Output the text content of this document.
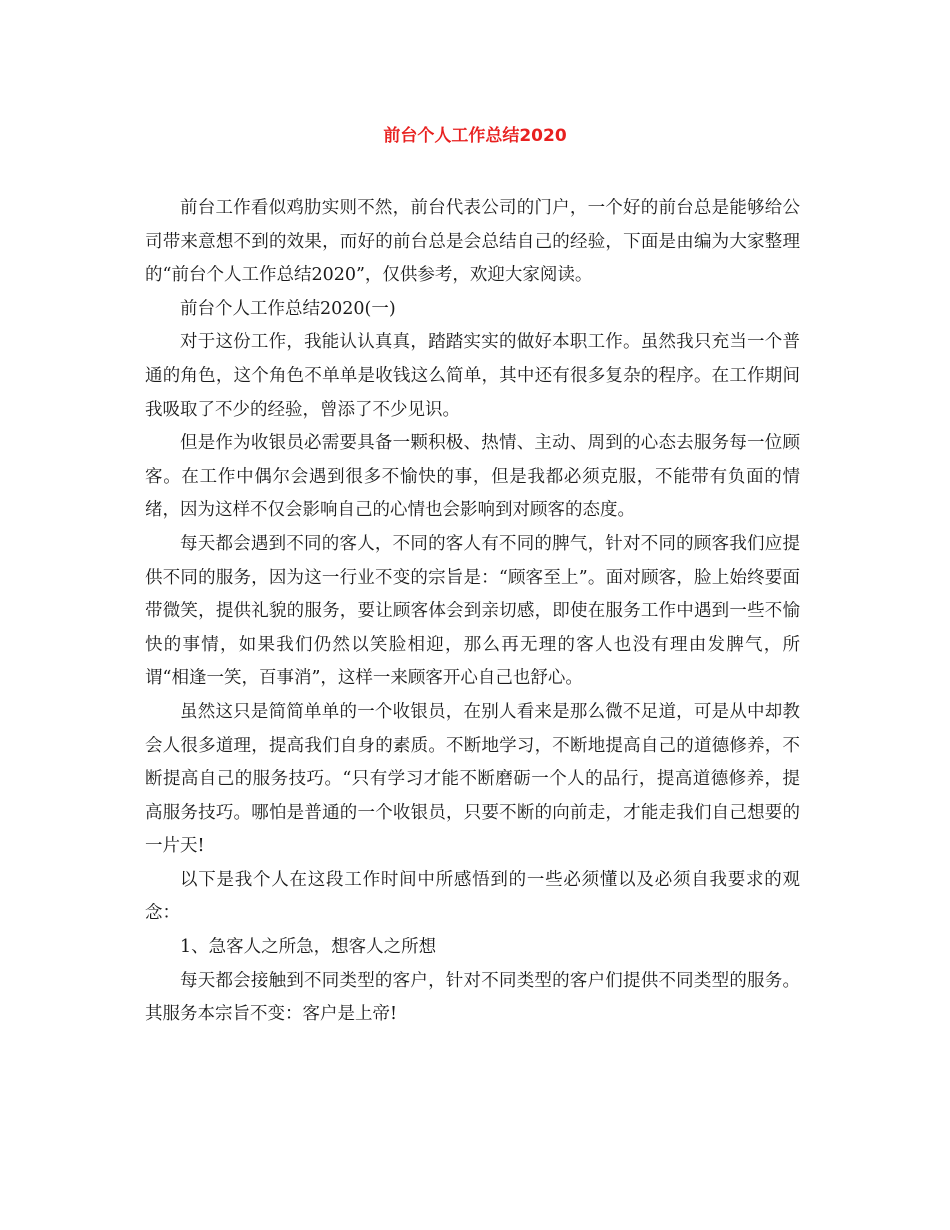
前台个人工作总结2020

前台工作看似鸡肋实则不然，前台代表公司的门户，一个好的前台总是能够给公司带来意想不到的效果，而好的前台总是会总结自己的经验，下面是由编为大家整理的“前台个人工作总结2020”，仅供参考，欢迎大家阅读。

前台个人工作总结2020(一)

对于这份工作，我能认认真真，踏踏实实的做好本职工作。虽然我只充当一个普通的角色，这个角色不单单是收钱这么简单，其中还有很多复杂的程序。在工作期间我吸取了不少的经验，曾添了不少见识。

但是作为收银员必需要具备一颗积极、热情、主动、周到的心态去服务每一位顾客。在工作中偶尔会遇到很多不愉快的事，但是我都必须克服，不能带有负面的情绪，因为这样不仅会影响自己的心情也会影响到对顾客的态度。

每天都会遇到不同的客人，不同的客人有不同的脾气，针对不同的顾客我们应提供不同的服务，因为这一行业不变的宗旨是：“顾客至上”。面对顾客，脸上始终要面带微笑，提供礼貌的服务，要让顾客体会到亲切感，即使在服务工作中遇到一些不愉快的事情，如果我们仍然以笑脸相迎，那么再无理的客人也没有理由发脾气，所谓“相逢一笑，百事消”，这样一来顾客开心自己也舒心。

虽然这只是简简单单的一个收银员，在别人看来是那么微不足道，可是从中却教会人很多道理，提高我们自身的素质。不断地学习，不断地提高自己的道德修养，不断提高自己的服务技巧。“只有学习才能不断磨砺一个人的品行，提高道德修养，提高服务技巧。哪怕是普通的一个收银员，只要不断的向前走，才能走我们自己想要的一片天!

以下是我个人在这段工作时间中所感悟到的一些必须懂以及必须自我要求的观念：

1、急客人之所急，想客人之所想

每天都会接触到不同类型的客户，针对不同类型的客户们提供不同类型的服务。其服务本宗旨不变：客户是上帝!
